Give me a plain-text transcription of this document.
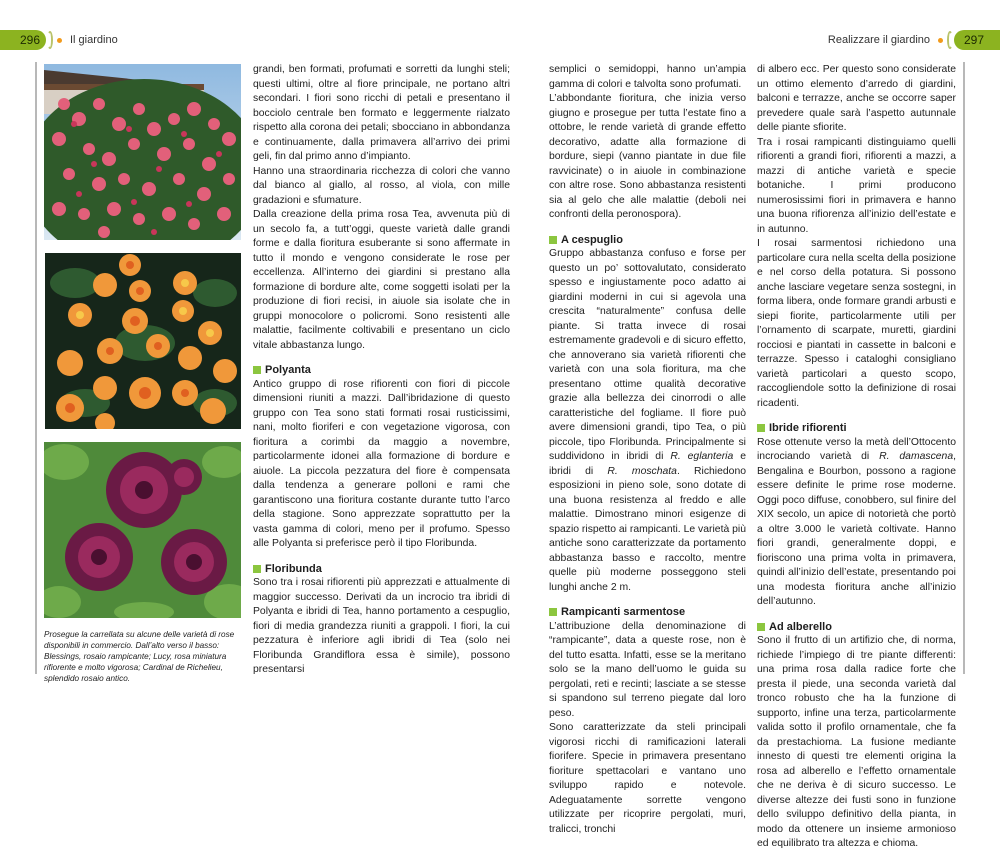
296	Il giardino	Realizzare il giardino	297
Prosegue la carrellata su alcune delle varietà di rose disponibili in commercio. Dall’alto verso il basso: Blessings, rosaio rampicante; Lucy, rosa miniatura rifiorente e molto vigorosa; Cardinal de Richelieu, splendido rosaio antico.

grandi, ben formati, profumati e sorretti da lunghi steli; questi ultimi, oltre al fiore principale, ne portano altri secondari. I fiori sono ricchi di petali e presentano il bocciolo centrale ben formato e leggermente rialzato rispetto alla corona dei petali; sbocciano in abbondanza e continuamente, dalla primavera all’arrivo dei primi geli, fin dal primo anno d’impianto.

Hanno una straordinaria ricchezza di colori che vanno dal bianco al giallo, al rosso, al viola, con mille gradazioni e sfumature.

Dalla creazione della prima rosa Tea, avvenuta più di un secolo fa, a tutt’oggi, queste varietà dalle grandi forme e dalla fioritura esuberante si sono affermate in tutto il mondo e vengono considerate le rose per eccellenza. All’interno dei giardini si prestano alla formazione di bordure alte, come soggetti isolati per la produzione di fiori recisi, in aiuole sia isolate che in gruppi monocolore o policromi. Sono resistenti alle malattie, facilmente coltivabili e presentano un ciclo vitale abbastanza lungo.

Polyanta

Antico gruppo di rose rifiorenti con fiori di piccole dimensioni riuniti a mazzi. Dall’ibridazione di questo gruppo con Tea sono stati formati rosai rusticissimi, nani, molto fioriferi e con vegetazione vigorosa, con fioritura a corimbi da maggio a novembre, particolarmente idonei alla formazione di bordure e aiuole. La piccola pezzatura del fiore è compensata dalla tendenza a generare polloni e rami che garantiscono una fioritura costante durante tutto l’arco della stagione. Sono apprezzate soprattutto per la vasta gamma di colori, meno per il profumo. Spesso alle Polyanta si preferisce però il tipo Floribunda.

Floribunda

Sono tra i rosai rifiorenti più apprezzati e attualmente di maggior successo. Derivati da un incrocio tra ibridi di Polyanta e ibridi di Tea, hanno portamento a cespuglio, fiori di media grandezza riuniti a grappoli. I fiori, la cui pezzatura è inferiore agli ibridi di Tea (solo nei Floribunda Grandiflora essa è simile), possono presentarsi

semplici o semidoppi, hanno un’ampia gamma di colori e talvolta sono profumati.

L’abbondante fioritura, che inizia verso giugno e prosegue per tutta l’estate fino a ottobre, le rende varietà di grande effetto decorativo, adatte alla formazione di bordure, siepi (vanno piantate in due file ravvicinate) o in aiuole in combinazione con altre rose. Sono abbastanza resistenti sia al gelo che alle malattie (deboli nei confronti della peronospora).

A cespuglio

Gruppo abbastanza confuso e forse per questo un po’ sottovalutato, considerato spesso e ingiustamente poco adatto ai giardini moderni in cui si agevola una crescita “naturalmente” confusa delle piante. Si tratta invece di rosai estremamente gradevoli e di sicuro effetto, che annoverano sia varietà rifiorenti che varietà con una sola fioritura, ma che presentano ottime qualità decorative grazie alla bellezza dei cinorrodi o alle caratteristiche del fogliame. Il fiore può avere dimensioni grandi, tipo Tea, o più piccole, tipo Floribunda. Principalmente si suddividono in ibridi di R. eglanteria e ibridi di R. moschata. Richiedono esposizioni in pieno sole, sono dotate di una buona resistenza al freddo e alle malattie. Dimostrano minori esigenze di spazio rispetto ai rampicanti. Le varietà più antiche sono caratterizzate da portamento abbastanza basso e raccolto, mentre quelle più moderne posseggono steli lunghi anche 2 m.

Rampicanti sarmentose

L’attribuzione della denominazione di “rampicante”, data a queste rose, non è del tutto esatta. Infatti, esse se la meritano solo se la mano dell’uomo le guida su pergolati, reti e recinti; lasciate a se stesse si spandono sul terreno piegate dal loro peso.

Sono caratterizzate da steli principali vigorosi ricchi di ramificazioni laterali fiorifere. Specie in primavera presentano fioriture spettacolari e vantano uno sviluppo rapido e notevole. Adeguatamente sorrette vengono utilizzate per ricoprire pergolati, muri, tralicci, tronchi

di albero ecc. Per questo sono considerate un ottimo elemento d’arredo di giardini, balconi e terrazze, anche se occorre saper prevedere quale sarà l’aspetto autunnale delle piante sfiorite.

Tra i rosai rampicanti distinguiamo quelli rifiorenti a grandi fiori, rifiorenti a mazzi, a mazzi di antiche varietà e specie botaniche. I primi producono numerosissimi fiori in primavera e hanno una buona rifiorenza all’inizio dell’estate e in autunno.

I rosai sarmentosi richiedono una particolare cura nella scelta della posizione e nel corso della potatura. Si possono anche lasciare vegetare senza sostegni, in forma libera, onde formare grandi arbusti e siepi fiorite, particolarmente utili per l’ornamento di scarpate, muretti, giardini rocciosi e piantati in cassette in balconi e terrazze. Spesso i cataloghi consigliano varietà particolari a questo scopo, raccogliendole sotto la definizione di rosai ricadenti.

Ibride rifiorenti

Rose ottenute verso la metà dell’Ottocento incrociando varietà di R. damascena, Bengalina e Bourbon, possono a ragione essere definite le prime rose moderne. Oggi poco diffuse, conobbero, sul finire del XIX secolo, un apice di notorietà che portò a oltre 3.000 le varietà coltivate. Hanno fiori grandi, generalmente doppi, e fioriscono una prima volta in primavera, quindi all’inizio dell’estate, presentando poi una modesta fioritura anche all’inizio dell’autunno.

Ad alberello

Sono il frutto di un artifizio che, di norma, richiede l’impiego di tre piante differenti: una prima rosa dalla radice forte che presta il piede, una seconda varietà dal tronco robusto che ha la funzione di supporto, infine una terza, particolarmente valida sotto il profilo ornamentale, che fa da prestachioma. La fusione mediante innesto di questi tre elementi origina la rosa ad alberello e l’effetto ornamentale che ne deriva è di sicuro successo. Le diverse altezze dei fusti sono in funzione dello sviluppo definitivo della pianta, in modo da ottenere un insieme armonioso ed equilibrato tra altezza e chioma.
